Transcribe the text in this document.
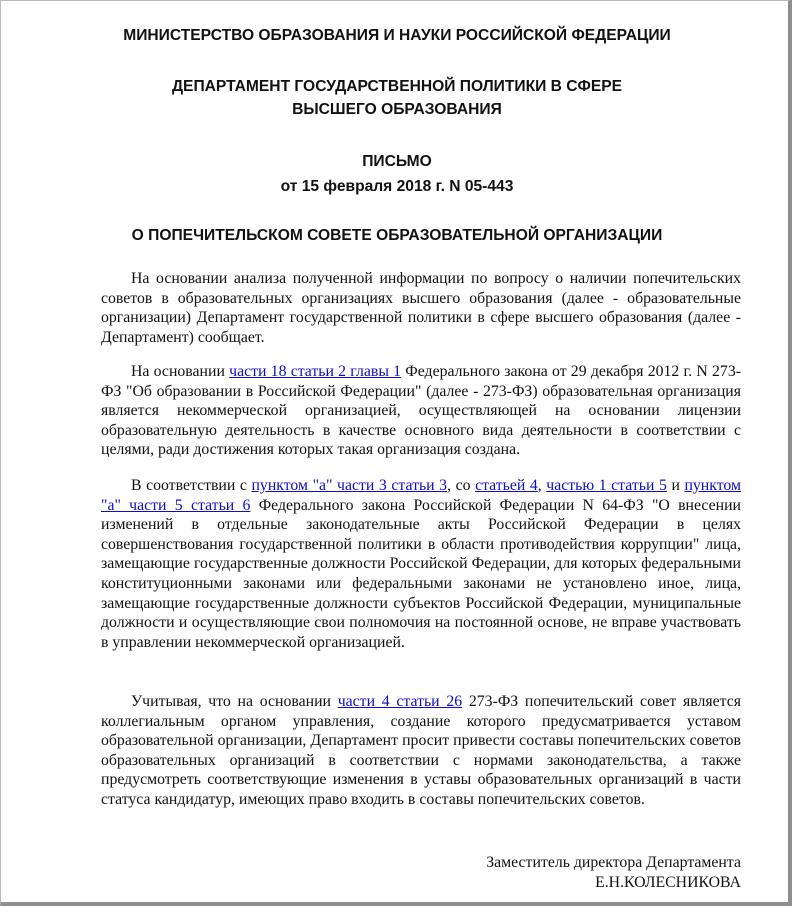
МИНИСТЕРСТВО ОБРАЗОВАНИЯ И НАУКИ РОССИЙСКОЙ ФЕДЕРАЦИИ
ДЕПАРТАМЕНТ ГОСУДАРСТВЕННОЙ ПОЛИТИКИ В СФЕРЕ
ВЫСШЕГО ОБРАЗОВАНИЯ
ПИСЬМО
от 15 февраля 2018 г. N 05-443
О ПОПЕЧИТЕЛЬСКОМ СОВЕТЕ ОБРАЗОВАТЕЛЬНОЙ ОРГАНИЗАЦИИ

На основании анализа полученной информации по вопросу о наличии попечительских советов в образовательных организациях высшего образования (далее - образовательные организации) Департамент государственной политики в сфере высшего образования (далее - Департамент) сообщает.

На основании части 18 статьи 2 главы 1 Федерального закона от 29 декабря 2012 г. N 273-ФЗ "Об образовании в Российской Федерации" (далее - 273-ФЗ) образовательная организация является некоммерческой организацией, осуществляющей на основании лицензии образовательную деятельность в качестве основного вида деятельности в соответствии с целями, ради достижения которых такая организация создана.

В соответствии с пунктом "а" части 3 статьи 3, со статьей 4, частью 1 статьи 5 и пунктом "а" части 5 статьи 6 Федерального закона Российской Федерации N 64-ФЗ "О внесении изменений в отдельные законодательные акты Российской Федерации в целях совершенствования государственной политики в области противодействия коррупции" лица, замещающие государственные должности Российской Федерации, для которых федеральными конституционными законами или федеральными законами не установлено иное, лица, замещающие государственные должности субъектов Российской Федерации, муниципальные должности и осуществляющие свои полномочия на постоянной основе, не вправе участвовать в управлении некоммерческой организацией.

Учитывая, что на основании части 4 статьи 26 273-ФЗ попечительский совет является коллегиальным органом управления, создание которого предусматривается уставом образовательной организации, Департамент просит привести составы попечительских советов образовательных организаций в соответствии с нормами законодательства, а также предусмотреть соответствующие изменения в уставы образовательных организаций в части статуса кандидатур, имеющих право входить в составы попечительских советов.

Заместитель директора Департамента

Е.Н.КОЛЕСНИКОВА
